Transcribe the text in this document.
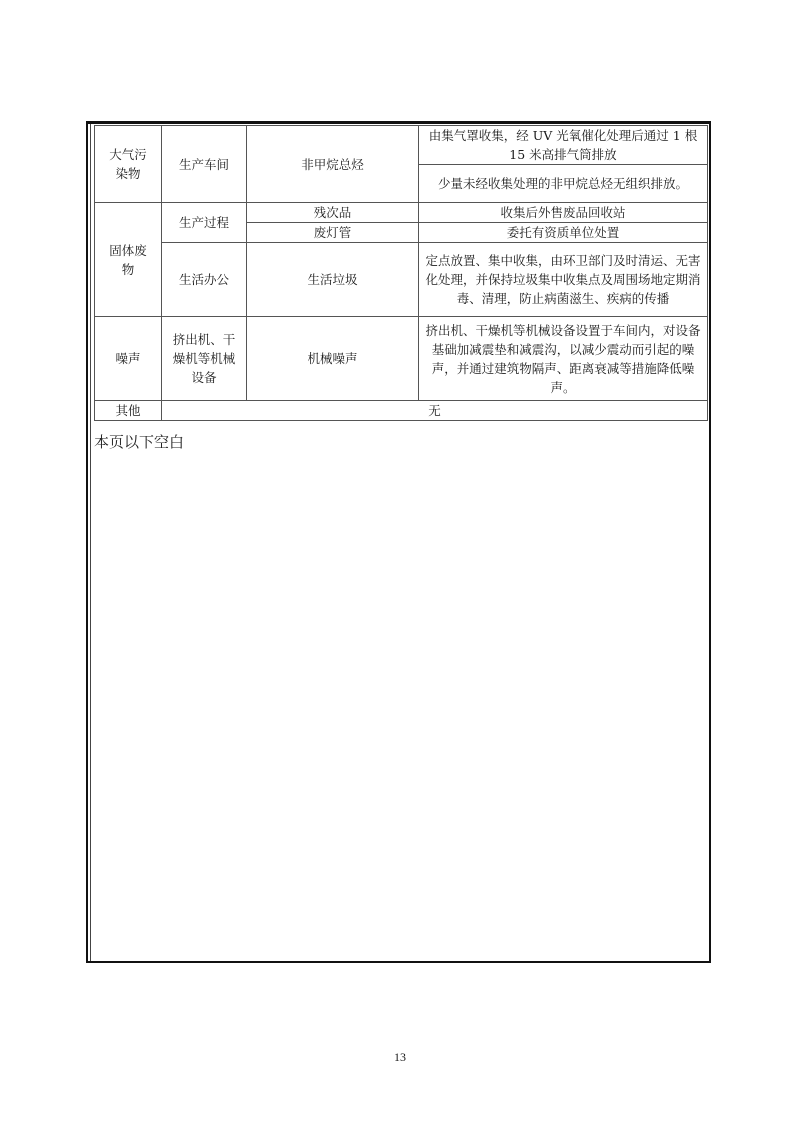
大气污染物	生产车间	非甲烷总烃	由集气罩收集，经 UV 光氧催化处理后通过 1 根 15 米高排气筒排放
			少量未经收集处理的非甲烷总烃无组织排放。
固体废物	生产过程	残次品	收集后外售废品回收站
		废灯管	委托有资质单位处置
	生活办公	生活垃圾	定点放置、集中收集，由环卫部门及时清运、无害化处理，并保持垃圾集中收集点及周围场地定期消毒、清理，防止病菌滋生、疾病的传播
噪声	挤出机、干燥机等机械设备	机械噪声	挤出机、干燥机等机械设备设置于车间内，对设备基础加减震垫和减震沟，以减少震动而引起的噪声，并通过建筑物隔声、距离衰减等措施降低噪声。
其他	无		
本页以下空白
13
